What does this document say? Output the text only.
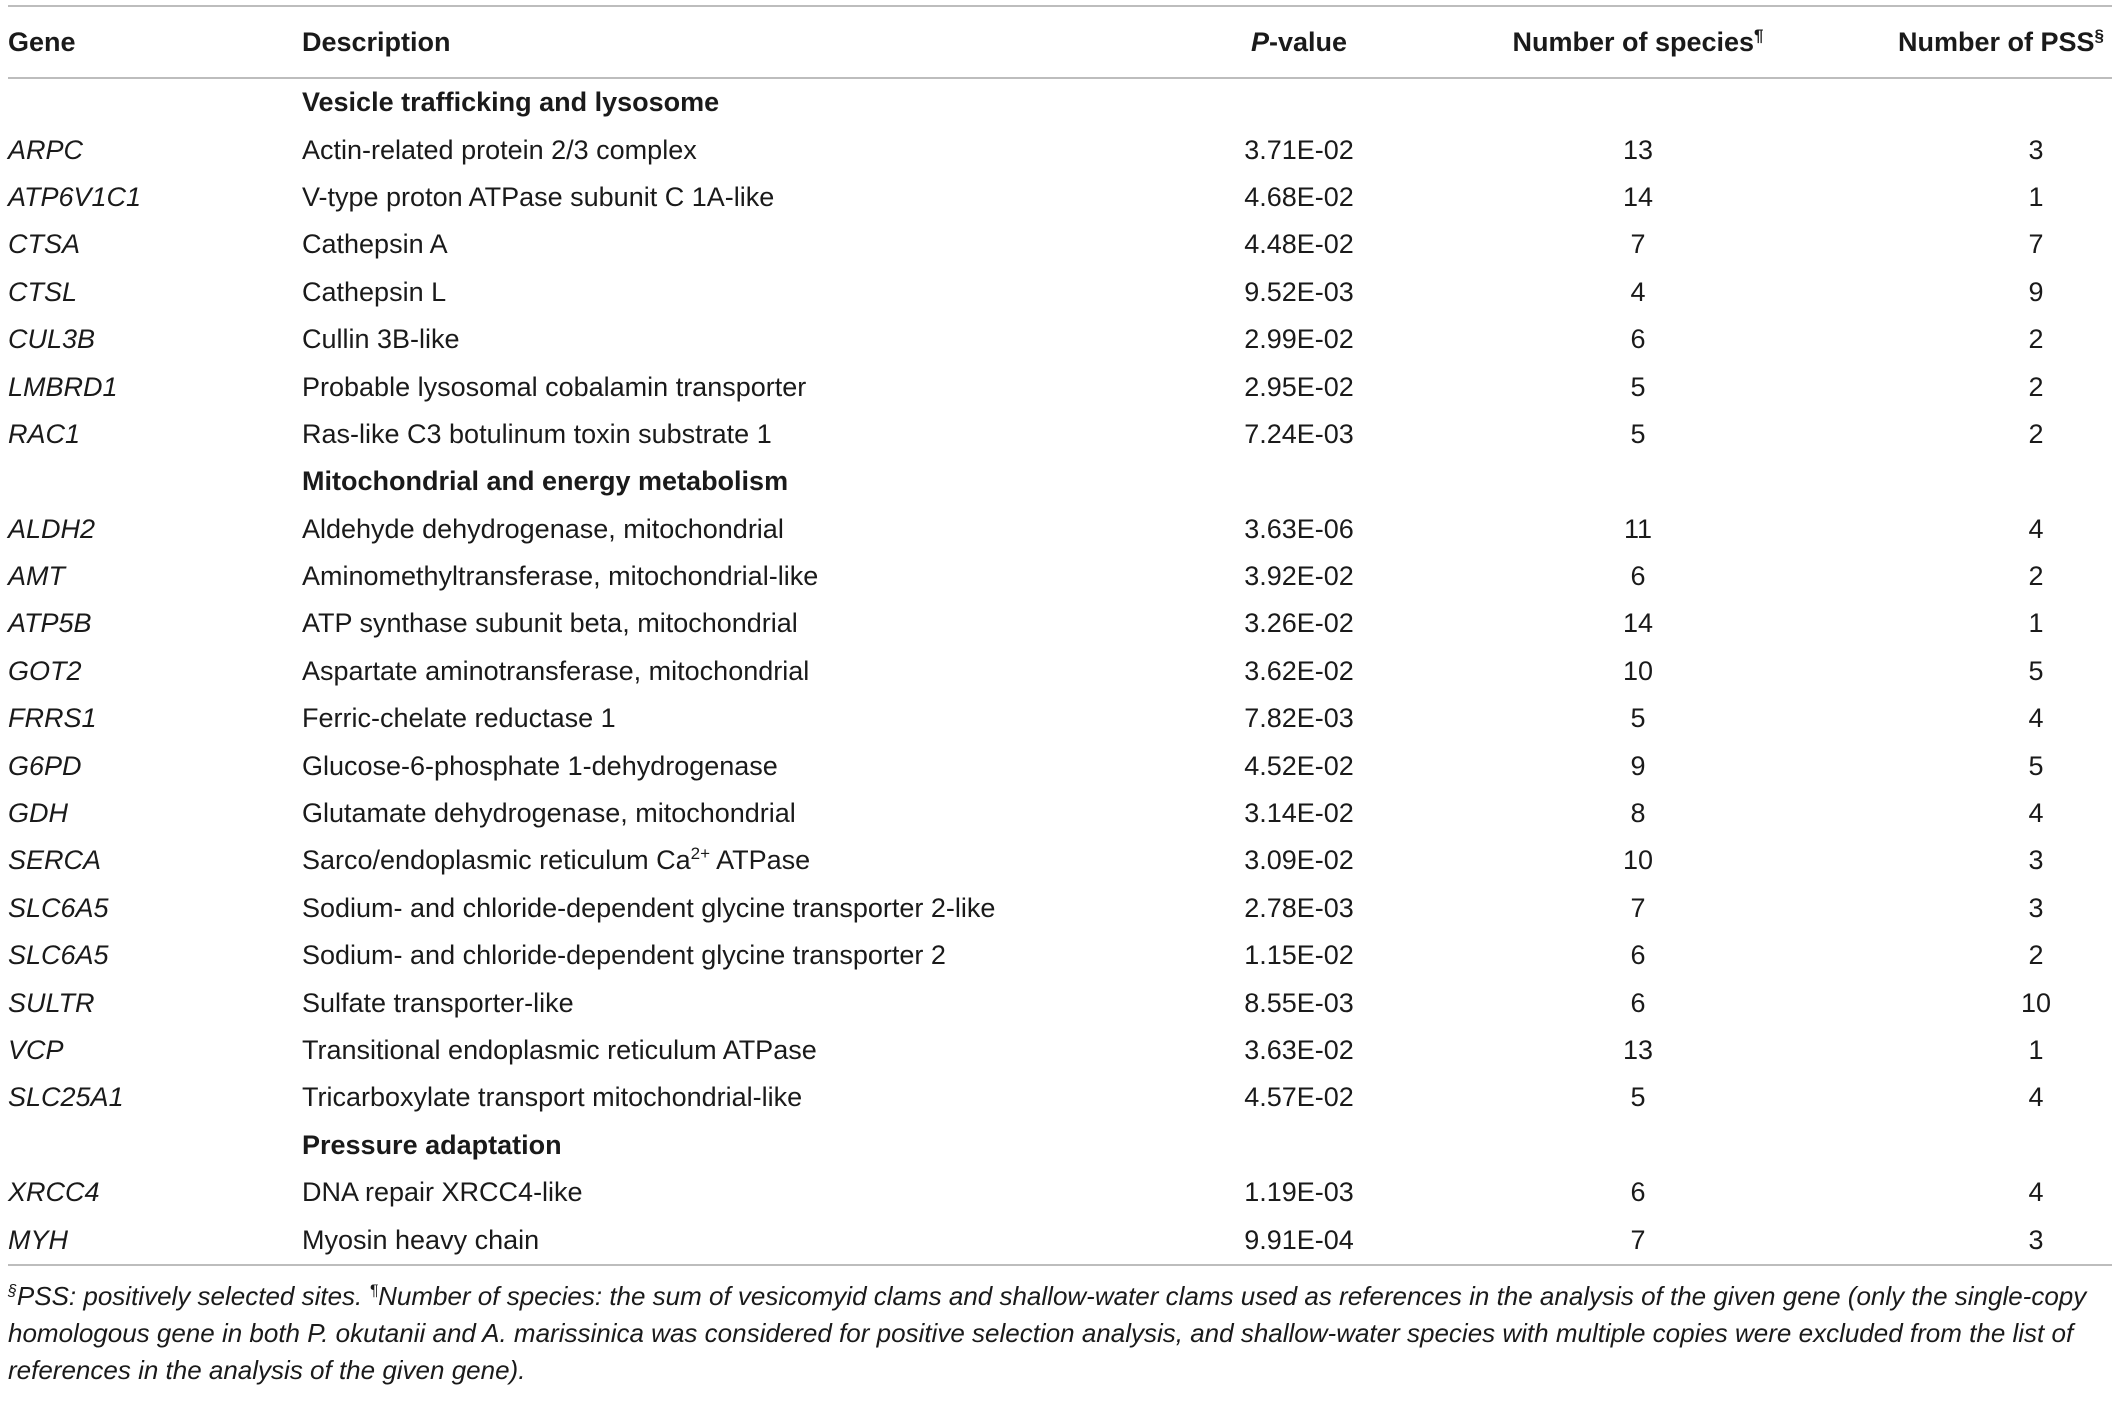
Gene	Description	P-value	Number of species¶	Number of PSS§

	Vesicle trafficking and lysosome			
ARPC	Actin-related protein 2/3 complex	3.71E-02	13	3
ATP6V1C1	V-type proton ATPase subunit C 1A-like	4.68E-02	14	1
CTSA	Cathepsin A	4.48E-02	7	7
CTSL	Cathepsin L	9.52E-03	4	9
CUL3B	Cullin 3B-like	2.99E-02	6	2
LMBRD1	Probable lysosomal cobalamin transporter	2.95E-02	5	2
RAC1	Ras-like C3 botulinum toxin substrate 1	7.24E-03	5	2
	Mitochondrial and energy metabolism			
ALDH2	Aldehyde dehydrogenase, mitochondrial	3.63E-06	11	4
AMT	Aminomethyltransferase, mitochondrial-like	3.92E-02	6	2
ATP5B	ATP synthase subunit beta, mitochondrial	3.26E-02	14	1
GOT2	Aspartate aminotransferase, mitochondrial	3.62E-02	10	5
FRRS1	Ferric-chelate reductase 1	7.82E-03	5	4
G6PD	Glucose-6-phosphate 1-dehydrogenase	4.52E-02	9	5
GDH	Glutamate dehydrogenase, mitochondrial	3.14E-02	8	4
SERCA	Sarco/endoplasmic reticulum $Ca^{2+}$ ATPase	3.09E-02	10	3
SLC6A5	Sodium- and chloride-dependent glycine transporter 2-like	2.78E-03	7	3
SLC6A5	Sodium- and chloride-dependent glycine transporter 2	1.15E-02	6	2
SULTR	Sulfate transporter-like	8.55E-03	6	10
VCP	Transitional endoplasmic reticulum ATPase	3.63E-02	13	1
SLC25A1	Tricarboxylate transport mitochondrial-like	4.57E-02	5	4
	Pressure adaptation			
XRCC4	DNA repair XRCC4-like	1.19E-03	6	4
MYH	Myosin heavy chain	9.91E-04	7	3
§PSS: positively selected sites. ¶Number of species: the sum of vesicomyid clams and shallow-water clams used as references in the analysis of the given gene (only the single-copy homologous gene in both P. okutanii and A. marissinica was considered for positive selection analysis, and shallow-water species with multiple copies were excluded from the list of references in the analysis of the given gene).
